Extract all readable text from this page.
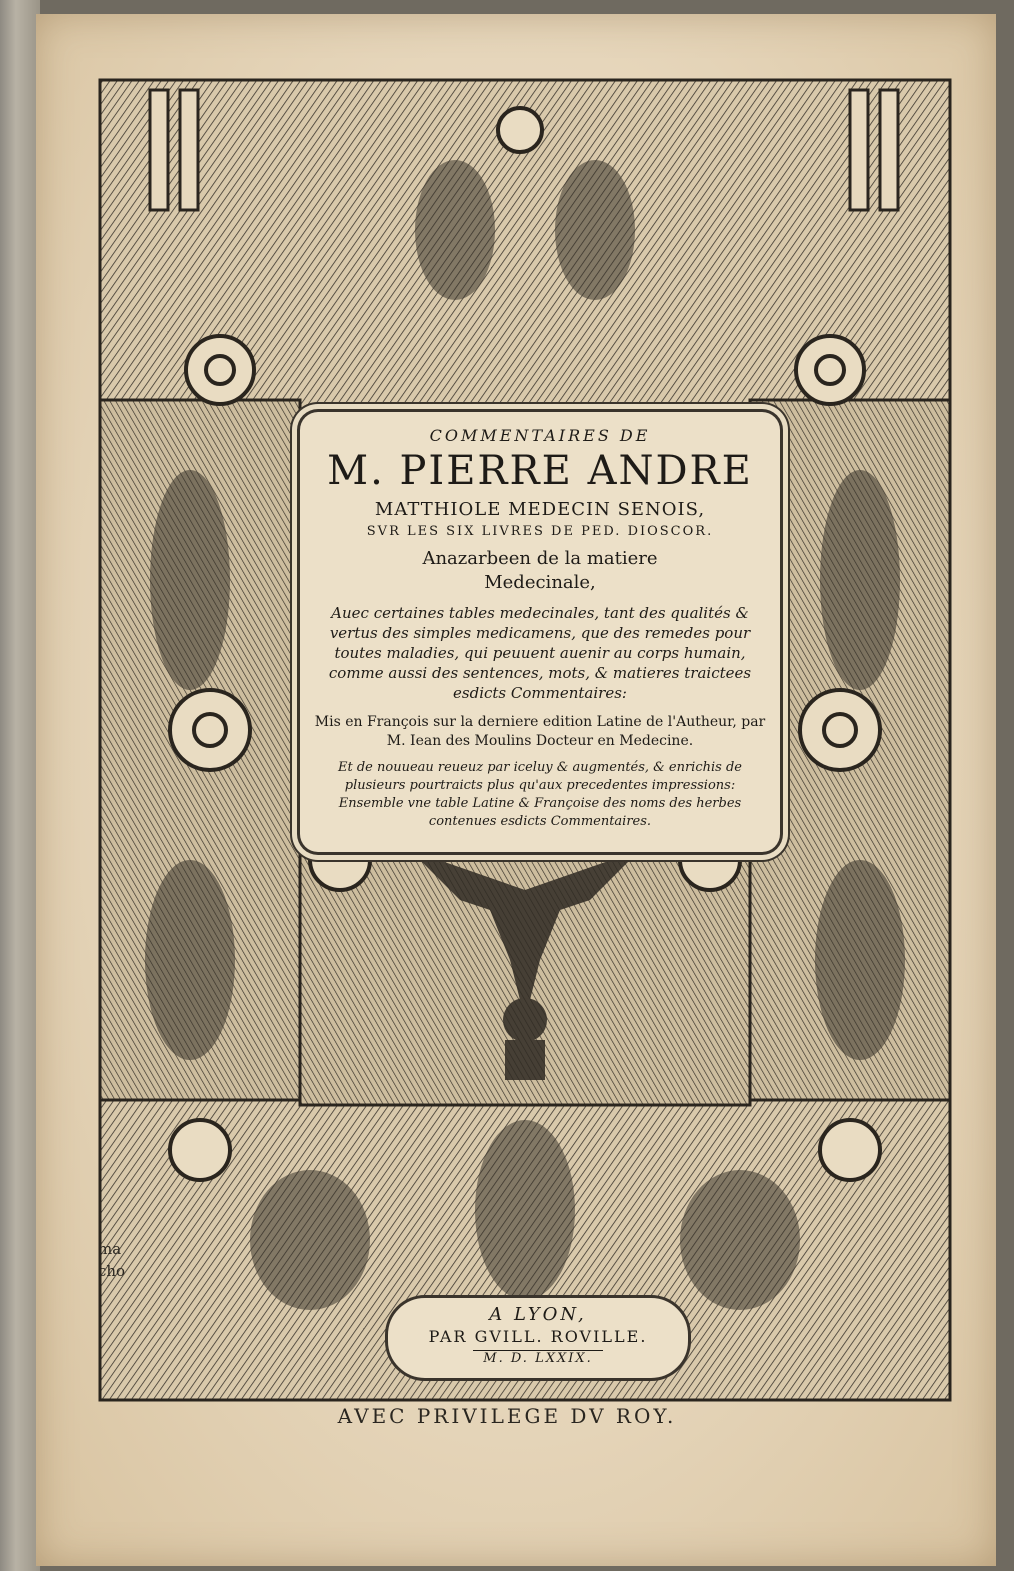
COMMENTAIRES DE
M. PIERRE ANDRE
MATTHIOLE MEDECIN SENOIS,
SVR LES SIX LIVRES DE PED. DIOSCOR.
Anazarbeen de la matiere
Medecinale,
Auec certaines tables medecinales, tant des qualités & vertus des simples medicamens, que des remedes pour toutes maladies, qui peuuent auenir au corps humain, comme aussi des sentences, mots, & matieres traictees esdicts Commentaires:
Mis en François sur la derniere edition Latine de l'Autheur, par M. Iean des Moulins Docteur en Medecine.
Et de nouueau reueuz par iceluy & augmentés, & enrichis de plusieurs pourtraicts plus qu'aux precedentes impressions: Ensemble vne table Latine & Françoise des noms des herbes contenues esdicts Commentaires.
A LYON,
PAR GVILL. ROVILLE.
M. D. LXXIX.
AVEC PRIVILEGE DV ROY.
ma cho
